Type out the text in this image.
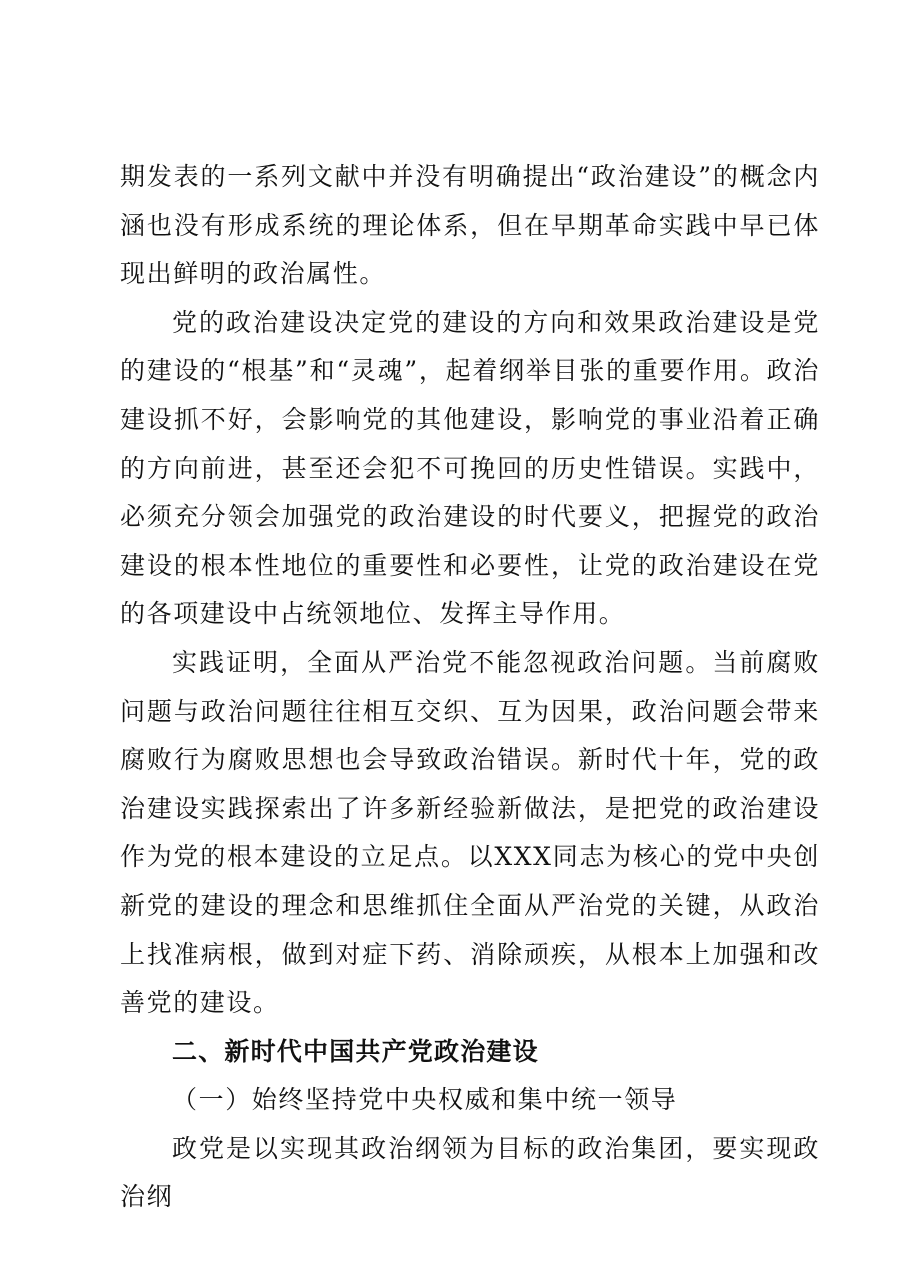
期发表的一系列文献中并没有明确提出“政治建设”的概念内涵也没有形成系统的理论体系，但在早期革命实践中早已体现出鲜明的政治属性。

党的政治建设决定党的建设的方向和效果政治建设是党的建设的“根基”和“灵魂”，起着纲举目张的重要作用。政治建设抓不好，会影响党的其他建设，影响党的事业沿着正确的方向前进，甚至还会犯不可挽回的历史性错误。实践中，必须充分领会加强党的政治建设的时代要义，把握党的政治建设的根本性地位的重要性和必要性，让党的政治建设在党的各项建设中占统领地位、发挥主导作用。

实践证明，全面从严治党不能忽视政治问题。当前腐败问题与政治问题往往相互交织、互为因果，政治问题会带来腐败行为腐败思想也会导致政治错误。新时代十年，党的政治建设实践探索出了许多新经验新做法，是把党的政治建设作为党的根本建设的立足点。以XXX同志为核心的党中央创新党的建设的理念和思维抓住全面从严治党的关键，从政治上找准病根，做到对症下药、消除顽疾，从根本上加强和改善党的建设。

二、新时代中国共产党政治建设

（一）始终坚持党中央权威和集中统一领导

政党是以实现其政治纲领为目标的政治集团，要实现政治纲
